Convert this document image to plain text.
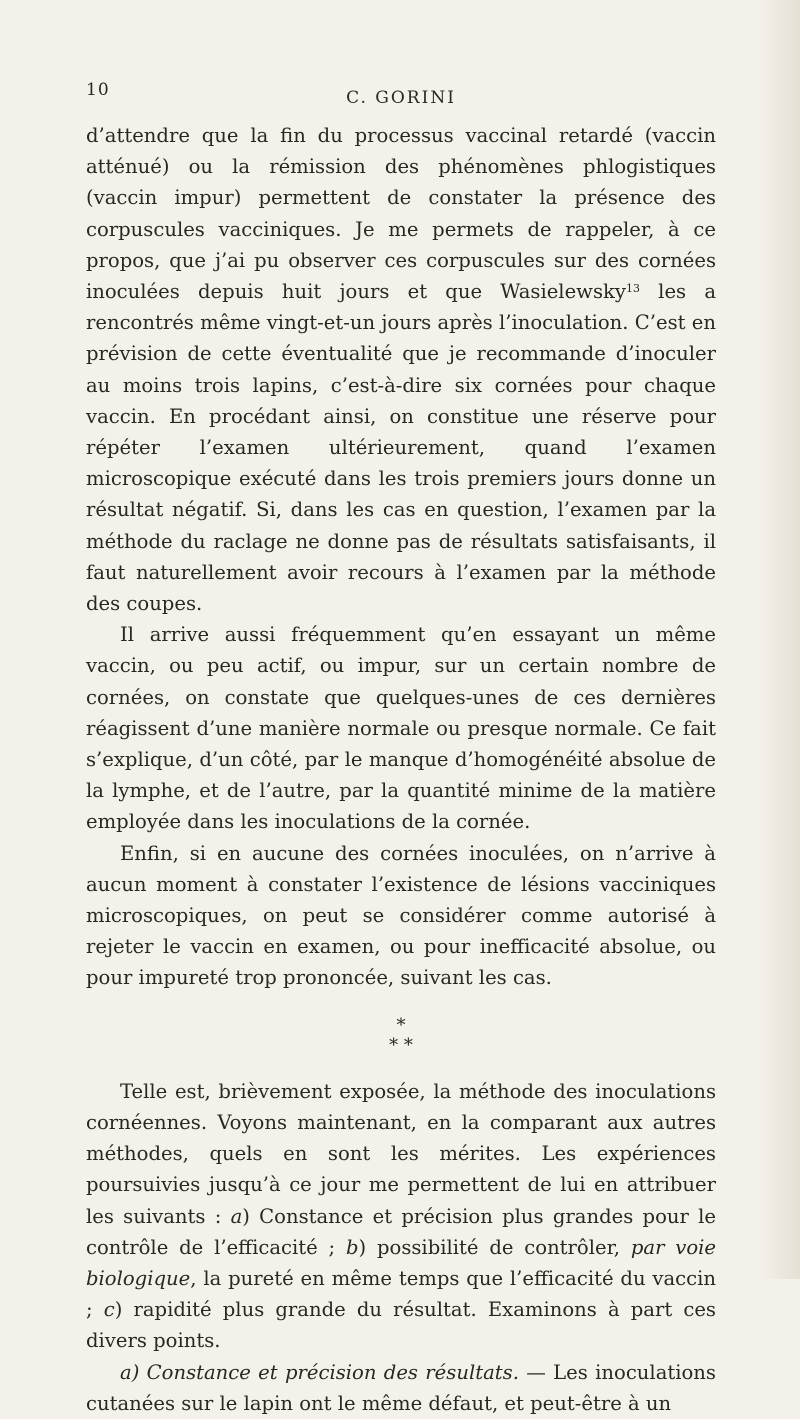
10	C. GORINI

d’attendre que la fin du processus vaccinal retardé (vaccin atténué) ou la rémission des phénomènes phlogistiques (vaccin impur) permettent de constater la présence des corpuscules vacciniques. Je me permets de rappeler, à ce propos, que j’ai pu observer ces corpuscules sur des cornées inoculées depuis huit jours et que Wasielewsky$^{13}$ les a rencontrés même vingt-et-un jours après l’inoculation. C’est en prévision de cette éventualité que je recommande d’inoculer au moins trois lapins, c’est-à-dire six cornées pour chaque vaccin. En procédant ainsi, on constitue une réserve pour répéter l’examen ultérieurement, quand l’examen microscopique exécuté dans les trois premiers jours donne un résultat négatif. Si, dans les cas en question, l’examen par la méthode du raclage ne donne pas de résultats satisfaisants, il faut naturellement avoir recours à l’examen par la méthode des coupes.

Il arrive aussi fréquemment qu’en essayant un même vaccin, ou peu actif, ou impur, sur un certain nombre de cornées, on constate que quelques-unes de ces dernières réagissent d’une manière normale ou presque normale. Ce fait s’explique, d’un côté, par le manque d’homogénéité absolue de la lymphe, et de l’autre, par la quantité minime de la matière employée dans les inoculations de la cornée.

Enfin, si en aucune des cornées inoculées, on n’arrive à aucun moment à constater l’existence de lésions vacciniques microscopiques, on peut se considérer comme autorisé à rejeter le vaccin en examen, ou pour inefficacité absolue, ou pour impureté trop prononcée, suivant les cas.

*
* *

Telle est, brièvement exposée, la méthode des inoculations cornéennes. Voyons maintenant, en la comparant aux autres méthodes, quels en sont les mérites. Les expériences poursuivies jusqu’à ce jour me permettent de lui en attribuer les suivants : a) Constance et précision plus grandes pour le contrôle de l’efficacité ; b) possibilité de contrôler, par voie biologique, la pureté en même temps que l’efficacité du vaccin ; c) rapidité plus grande du résultat. Examinons à part ces divers points.

a) Constance et précision des résultats. — Les inoculations cutanées sur le lapin ont le même défaut, et peut-être à un
